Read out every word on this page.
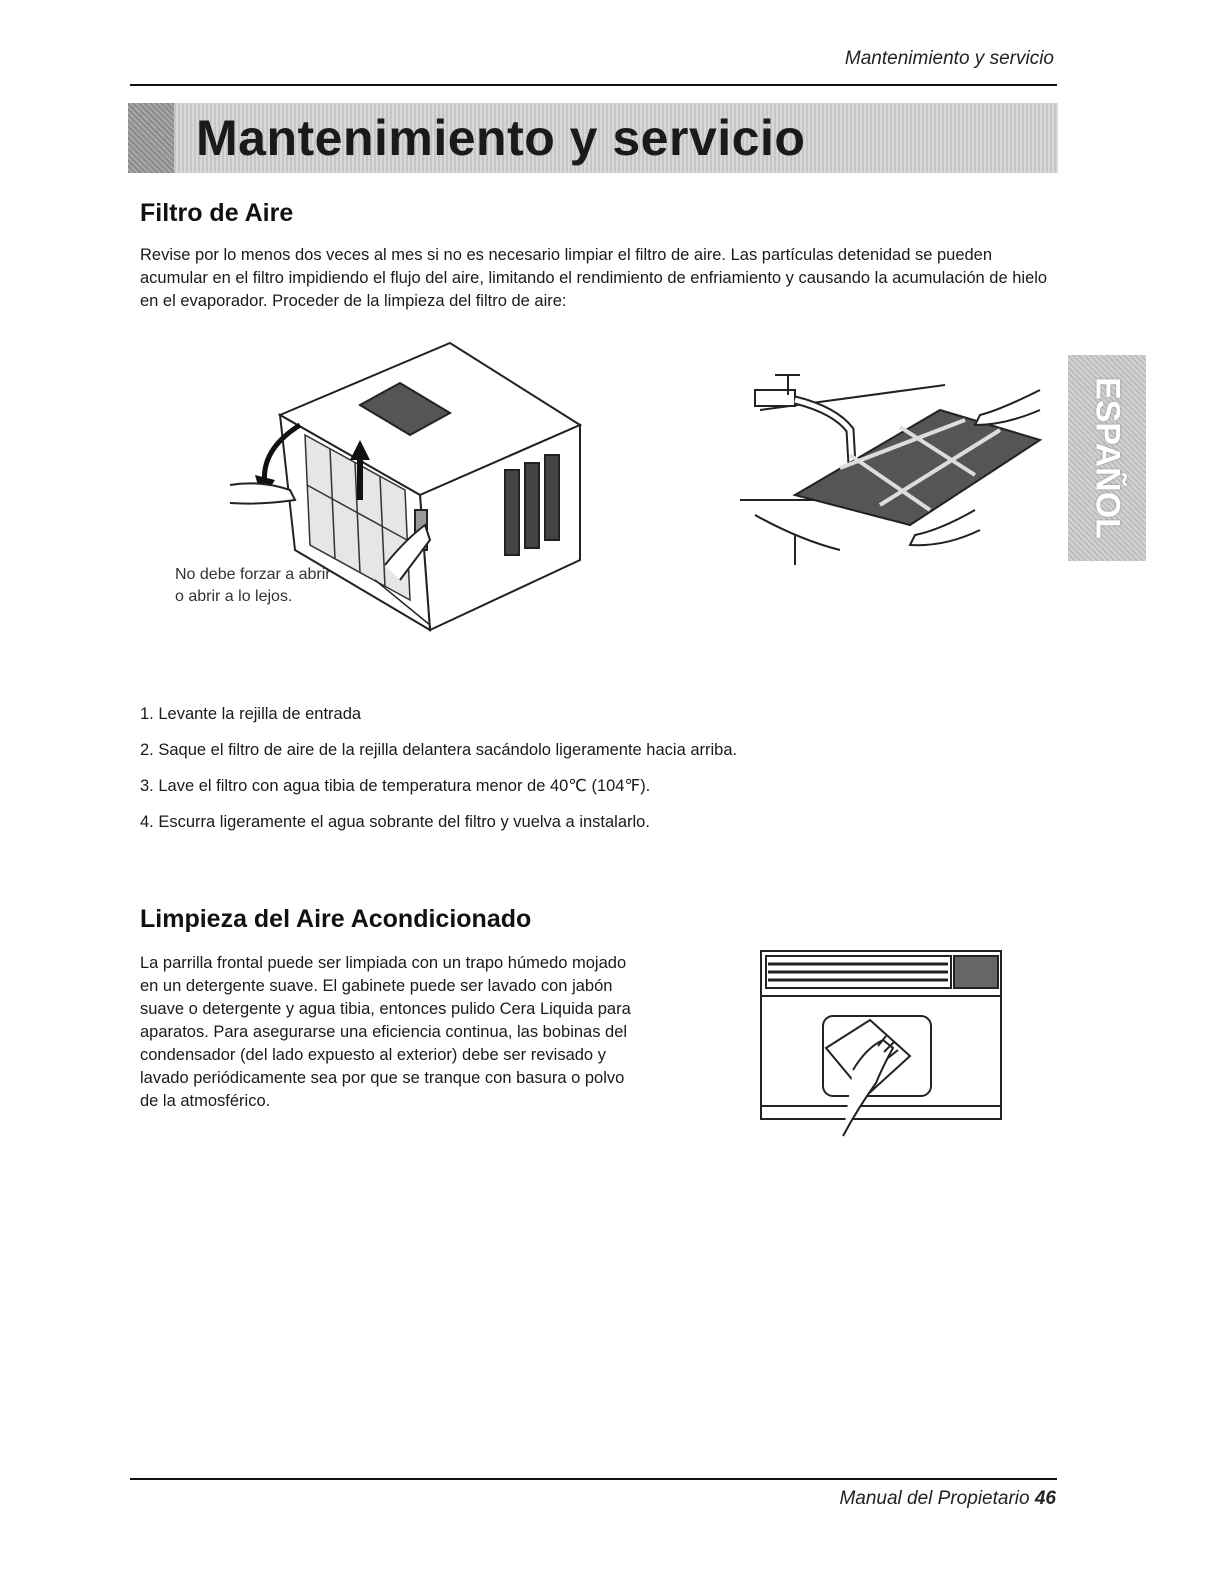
Mantenimiento y servicio
Mantenimiento y servicio
ESPAÑOL
Filtro de Aire

Revise por lo menos dos veces al mes si no es necesario limpiar el filtro de aire. Las partículas detenidad se pueden acumular en el filtro impidiendo el flujo del aire, limitando el rendimiento de enfriamiento y causando la acumulación de hielo en el evaporador. Proceder de la limpieza del filtro de aire:

No debe forzar a abrir
o abrir a lo lejos.
1. Levante la rejilla de entrada
2. Saque el filtro de aire de la rejilla delantera sacándolo ligeramente hacia arriba.
3. Lave el filtro con agua tibia de temperatura menor de 40℃ (104℉).
4. Escurra ligeramente el agua sobrante del filtro y vuelva a instalarlo.
Limpieza del Aire Acondicionado

La parrilla frontal puede ser limpiada con un trapo húmedo mojado en un detergente suave. El gabinete puede ser lavado con jabón suave o detergente y agua tibia, entonces pulido Cera Liquida para aparatos. Para asegurarse una eficiencia continua, las bobinas del condensador (del lado expuesto al exterior) debe ser revisado y lavado periódicamente sea por que se tranque con basura o polvo de la atmosférico.

Manual del Propietario 46
